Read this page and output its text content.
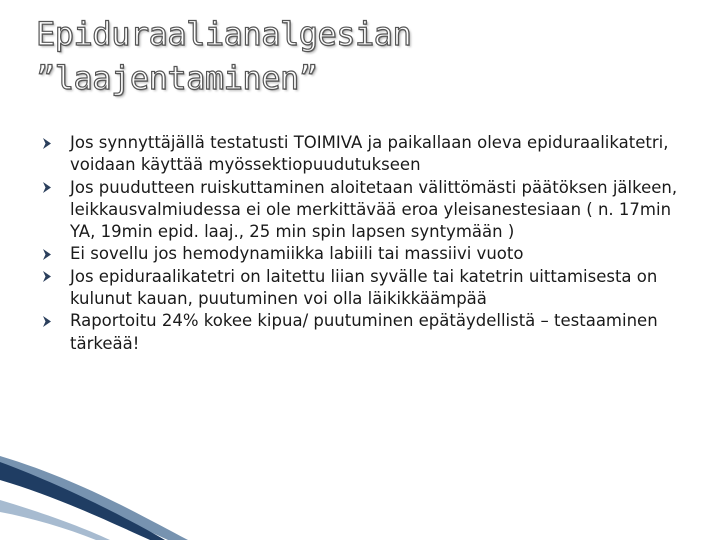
Epiduraalianalgesian
”laajentaminen”
Jos synnyttäjällä testatusti TOIMIVA ja paikallaan oleva epiduraalikatetri, voidaan käyttää myössektiopuudutukseen
Jos puudutteen ruiskuttaminen aloitetaan välittömästi päätöksen jälkeen, leikkausvalmiudessa ei ole merkittävää eroa yleisanestesiaan ( n. 17min YA, 19min epid. laaj., 25 min spin lapsen syntymään )
Ei sovellu jos hemodynamiikka labiili tai massiivi vuoto
Jos epiduraalikatetri on laitettu liian syvälle tai katetrin uittamisesta on kulunut kauan, puutuminen voi olla läikikkäämpää
Raportoitu 24% kokee kipua/ puutuminen epätäydellistä – testaaminen tärkeää!
